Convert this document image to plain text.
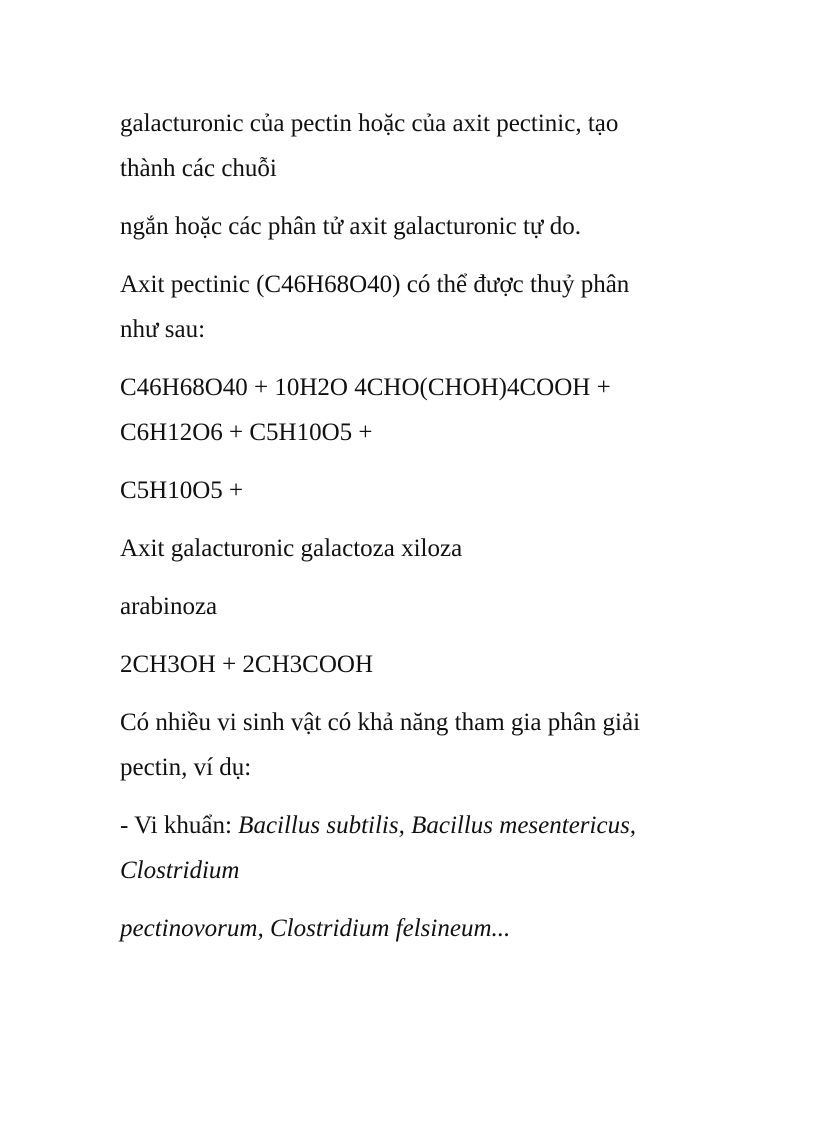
galacturonic của pectin hoặc của axit pectinic, tạo
thành các chuỗi

ngắn hoặc các phân tử axit galacturonic tự do.

Axit pectinic (C46H68O40) có thể được thuỷ phân
như sau:

C46H68O40 + 10H2O 4CHO(CHOH)4COOH +
C6H12O6 + C5H10O5 +

C5H10O5 +

Axit galacturonic galactoza xiloza

arabinoza

2CH3OH + 2CH3COOH

Có nhiều vi sinh vật có khả năng tham gia phân giải
pectin, ví dụ:

- Vi khuẩn: Bacillus subtilis, Bacillus mesentericus,
Clostridium

pectinovorum, Clostridium felsineum...
